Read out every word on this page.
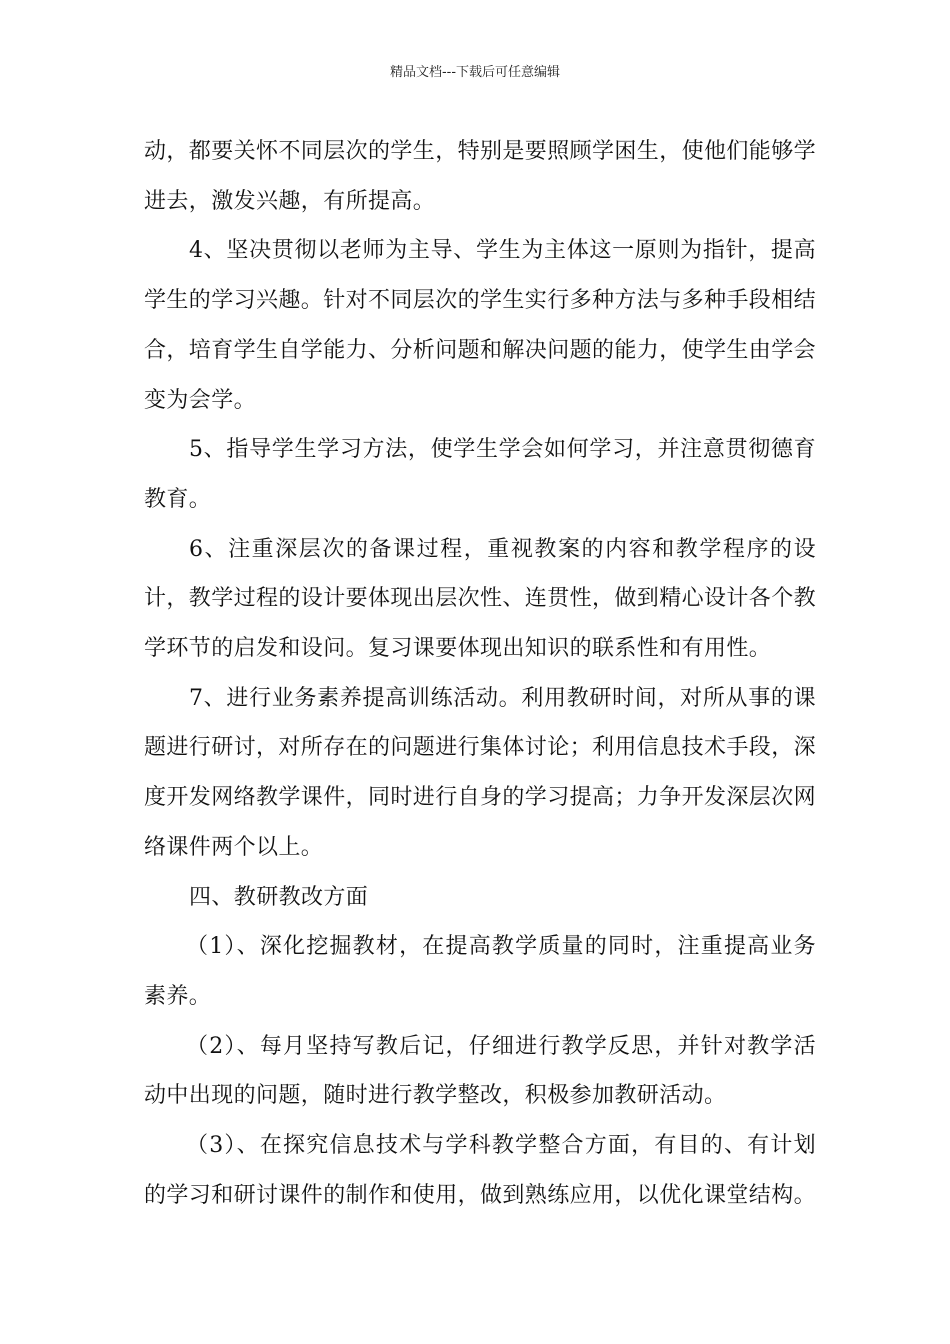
精品文档---下载后可任意编辑

动，都要关怀不同层次的学生，特别是要照顾学困生，使他们能够学进去，激发兴趣，有所提高。

4、坚决贯彻以老师为主导、学生为主体这一原则为指针，提高学生的学习兴趣。针对不同层次的学生实行多种方法与多种手段相结合，培育学生自学能力、分析问题和解决问题的能力，使学生由学会变为会学。

5、指导学生学习方法，使学生学会如何学习，并注意贯彻德育教育。

6、注重深层次的备课过程，重视教案的内容和教学程序的设计，教学过程的设计要体现出层次性、连贯性，做到精心设计各个教学环节的启发和设问。复习课要体现出知识的联系性和有用性。

7、进行业务素养提高训练活动。利用教研时间，对所从事的课题进行研讨，对所存在的问题进行集体讨论；利用信息技术手段，深度开发网络教学课件，同时进行自身的学习提高；力争开发深层次网络课件两个以上。

四、教研教改方面

（1）、深化挖掘教材，在提高教学质量的同时，注重提高业务素养。

（2）、每月坚持写教后记，仔细进行教学反思，并针对教学活动中出现的问题，随时进行教学整改，积极参加教研活动。

（3）、在探究信息技术与学科教学整合方面，有目的、有计划的学习和研讨课件的制作和使用，做到熟练应用，以优化课堂结构。
